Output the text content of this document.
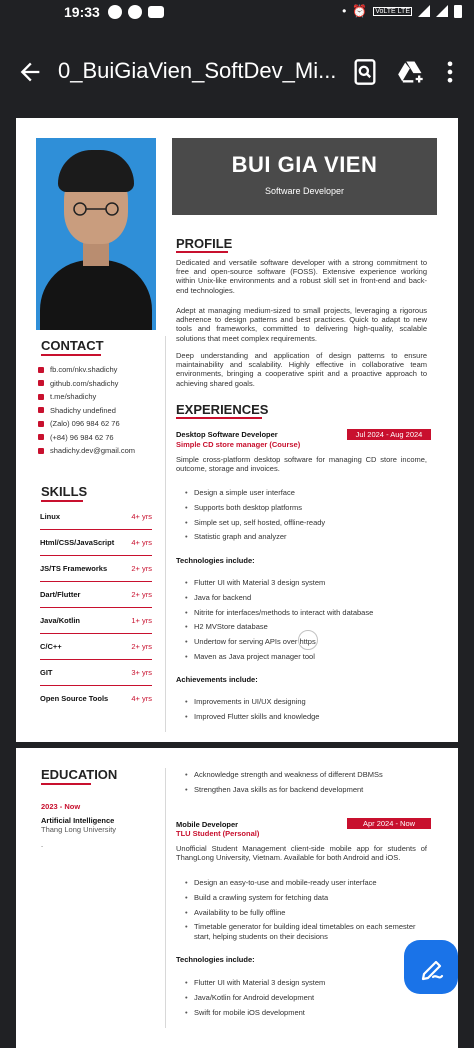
19:33	• ⏰ VoLTE LTE
0_BuiGiaVien_SoftDev_Mi...
BUI GIA VIEN
Software Developer
CONTACT
fb.com/nkv.shadichy
github.com/shadichy
t.me/shadichy
Shadichy undefined
(Zalo) 096 984 62 76
(+84) 96 984 62 76
shadichy.dev@gmail.com
SKILLS
Linux	4+ yrs
Html/CSS/JavaScript 4+ yrs
JS/TS Frameworks	2+ yrs
Dart/Flutter	2+ yrs
Java/Kotlin	1+ yrs
C/C++	2+ yrs
GIT	3+ yrs
Open Source Tools	4+ yrs
PROFILE
Dedicated and versatile software developer with a strong commitment to free and open-source software (FOSS). Extensive experience working within Unix-like environments and a robust skill set in front-end and back-end technologies.
Adept at managing medium-sized to small projects, leveraging a rigorous adherence to design patterns and best practices. Quick to adapt to new tools and frameworks, committed to delivering high-quality, scalable solutions that meet complex requirements.
Deep understanding and application of design patterns to ensure maintainability and scalability. Highly effective in collaborative team environments, bringing a cooperative spirit and a proactive approach to achieving shared goals.
EXPERIENCES
Desktop Software Developer
Simple CD store manager (Course)
Jul 2024 - Aug 2024
Simple cross-platform desktop software for managing CD store income, outcome, storage and invoices.
• Design a simple user interface
• Supports both desktop platforms
• Simple set up, self hosted, offline-ready
• Statistic graph and analyzer
Technologies include:
• Flutter UI with Material 3 design system
• Java for backend
• Nitrite for interfaces/methods to interact with database
• H2 MVStore database
• Undertow for serving APIs over https
• Maven as Java project manager tool
Achievements include:
• Improvements in UI/UX designing
• Improved Flutter skills and knowledge
EDUCATION
2023 - Now
Artificial Intelligence
Thang Long University
.
• Acknowledge strength and weakness of different DBMSs
• Strengthen Java skills as for backend development
Mobile Developer
TLU Student (Personal)
Apr 2024 - Now
Unofficial Student Management client-side mobile app for students of ThangLong University, Vietnam. Available for both Android and iOS.
• Design an easy-to-use and mobile-ready user interface
• Build a crawling system for fetching data
• Availability to be fully offline
• Timetable generator for building ideal timetables on each semester start, helping students on their decisions
Technologies include:
• Flutter UI with Material 3 design system
• Java/Kotlin for Android development
• Swift for mobile iOS development
